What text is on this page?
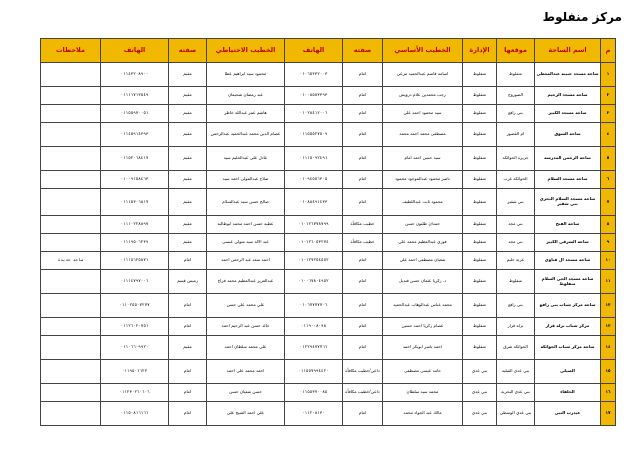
مركز منفلوط
م	اسم الساحة	موقعها	الإدارة	الخطيب الأساسي	صفته	الهاتف	الخطيب الاحتياطي	صفته	الهاتف	ملاحظات
١	ساحة مسجد جنينة عبدالمعطي	منفلوط	منفلوط	اسامة قاسم عبدالحميد مرعي	امام	٠١٠٦٥٣٣٢٠٠٣	محمود سيد ابراهيم عطا	مقيم	٠١١٤٣٢٠٨٩٠٠	
٢	ساحة مسجد الرحيم	الصوروج	منفلوط	رجب محمدين علام درويش	امام	٠١٠٠٨٥٨٣٣٩٣	عبد رمضان شحيمان	مقيم	٠١١١١٧١٣٥٤٩	
٣	ساحة مسجد الكبير	بني رافع	منفلوط	سيد محمود احمد علي	امام	٠١٠٢٨٤١٢٠٠٦	هاشم عمر عبدالله خاطر	مقيم	٠١١٥٥٩٧٠٠٥١	
٤	ساحة السوق	ام القصور	منفلوط	مصطفى محمد احمد محمد	امام	٠١١٥٥٥٢٧٥٠٩	عصام الدين محمد عبدالحميد عبدالرحمن	مقيم	٠١١٤٥٩١٤٣٩٣	
٥	ساحة الرحمن المدرسه	جزيرة الحوائكة	منفلوط	سيد حسن احمد امام	امام	٠١١١٥٠٩٢٤٩١	عادل علي عبدالحليم سيد	مقيم	٠١١٥٢٠٦٨٤١٧	
٦	ساحة مسجد السلام	الحوائكة غرب	منفلوط	ناصر محمود عبدالموجود محمود	امام	٠١٠٩٤٥٥٦٣٠٥	صلاح عبدالمولى احمد سيد	مقيم	٠١٠٠٩١٥٨٤٦٣	
٧	ساحة مسجد السلام البحري بني شقير	بني شقير	منفلوط	محمود ثابت عبداللطيف	امام	٠١٠٨٨٤٩١٤٣٣	صالح حسن سيد عبدالسلام	مقيم	٠١١١٥٣٠٦٨١٧	
٨	ساحة الفتح	بني مجد	منفلوط	حمدان طلتون حسن	خطيب مكافأة	٠١٠١٢٦٧٧٨٧٩٩	عطية حسن احمد محمد ابوطالبة	مقيم	٠١١١٠٢٢٨٨٩٧	
٩	ساحة الشرقي الكبير	بني مجد	منفلوط	فوزي عبدالعظيم محمد علي	خطيب مكافأة	٠١٠١٢٦٠٥٣٢٧٤	عبد الاله سيد متولي عيسى	مقيم	٠١١١٩٥٠٦٢٣٩	
١٠	ساحة مسجد ال قناوي	عزبة حليم	منفلوط	شعبان مصطفى احمد علي	امام	٠١٠١٢٧٢٥٤٥٥٢	احمد سعد عبد الرحمن احمد	امام	٠١١١٥٦٢٥٨٧١	ساحة جديدة
١١	ساحة مسجد الحي السلام منفلوط	منفلوط	منفلوط	د. زكريا عثمان حسن قنديل	امام	٠١٠٠٦٧٨٠٤٩٥٢	عبدالعزيز عبدالعظيم محمد فراج	زميس قسم	٠١١١٤٧٩٧٠٠٦	
١٢	ساحة مركز شباب بني رافع	بني رافع	منفلوط	محمد عباس عبدالوهاب عبدالحميد	امام	٠١٠٦٧٧٧٧٧٠٦	علي محمد علي حسن	امام	٠١١٠٢٥٥٠٧٢٧٧	
١٣	مركز شباب نزلة قرار	نزلة قرار	منفلوط	عصام زكريا احمد حسين	امام	٠١١٩٠٠٨٠٩٨	خالد حسن عبد الرحيم احمد	امام	٠١١٢٦٠٢٠٧٥١	
١٤	ساحة مركز شباب الحوائكة	الحوائكة شرق	منفلوط	احمد ياسر ابوبكر احمد	امام	٠١٢٢٩٤٧٧٧٦٦	علي محمد سلطان احمد	مقيم	٠١١٠٦٦٠٩٩٢٠	
١٥	الصيلي	بني عدي القبلية	بني عدي	حامد عيسى مصطفى	داعي/خطيب مكافأة	٠١١٥٥٧٩٩٤٤٢٠	احمد محمد علي احمد	امام	٠١١٩٥٠١٦٢٣	
١٦	الخلفاء	بني عدي البحرية	بني عدي	محمد سيد سلطان	داعي/خطيب مكافأة	٠١١٥٥٣٧٠٠٨٥	حسن شعبان حسن	امام	٠١١٢٣٠٢٦٠٦٠٦	
١٧	عيدرب النبي	بني عدي الوسطي	بني عدي	مالك عبد الجواد محمد	امام	٠١١٢٠٨١٣٠	علي احمد الشيخ علي	امام	٠١١٥٠٨١٦١٦٦	
